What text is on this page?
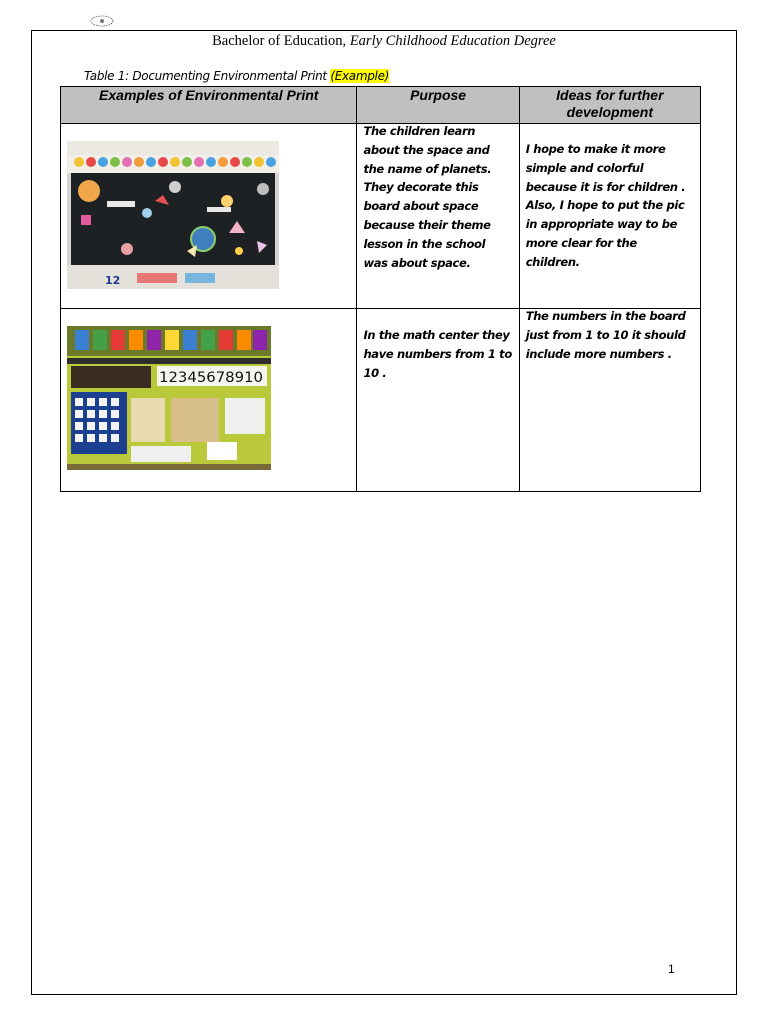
Bachelor of Education, Early Childhood Education Degree
Table 1: Documenting Environmental Print (Example)
Examples of Environmental Print	Purpose	Ideas for further development

12	The children learn about the space and the name of planets. They decorate this board about space because their theme lesson in the school was about space.	I hope to make it more simple and colorful because it is for children . Also, I hope to put the pic in appropriate way to be more clear for the children.

12345678910	In the math center they have numbers from 1 to 10 .	The numbers in the board just from 1 to 10 it should include more numbers .
1
